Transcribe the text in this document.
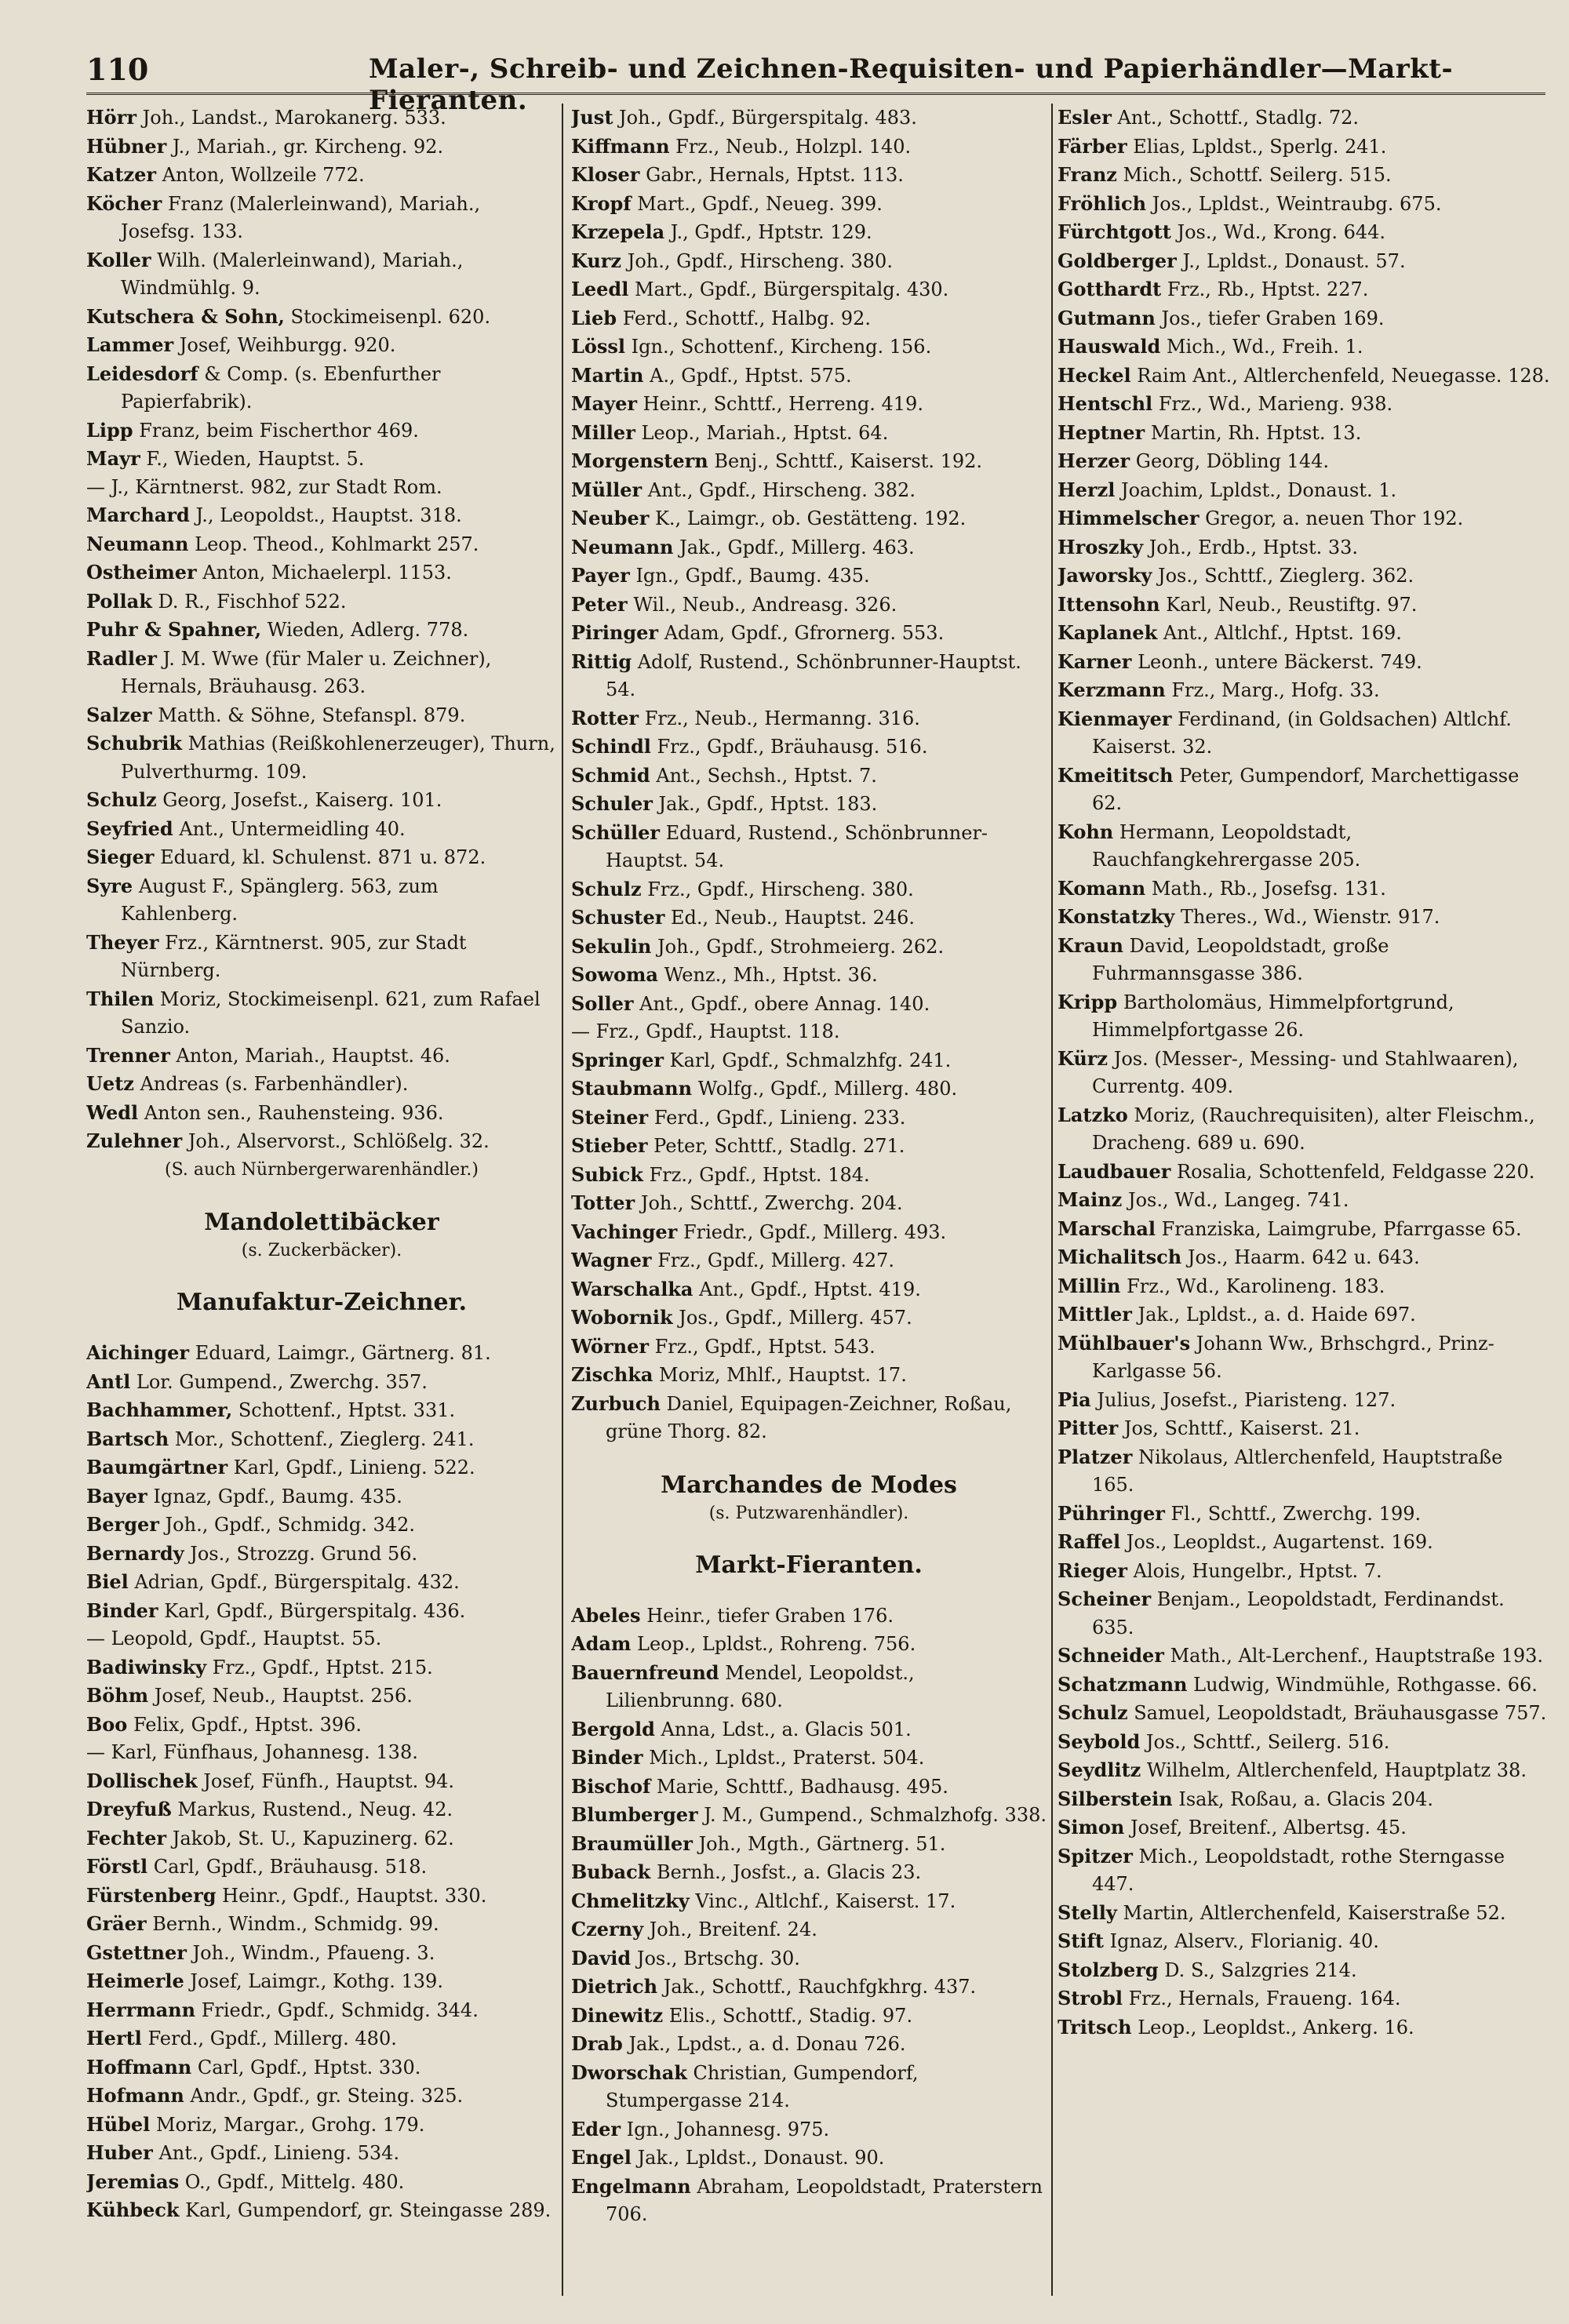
110	Maler-, Schreib- und Zeichnen-Requisiten- und Papierhändler—Markt-Fieranten.
Hörr Joh., Landst., Marokanerg. 533.
Hübner J., Mariah., gr. Kircheng. 92.
Katzer Anton, Wollzeile 772.
Köcher Franz (Malerleinwand), Mariah., Josefsg. 133.
Koller Wilh. (Malerleinwand), Mariah., Windmühlg. 9.
Kutschera & Sohn, Stockimeisenpl. 620.
Lammer Josef, Weihburgg. 920.
Leidesdorf & Comp. (s. Ebenfurther Papierfabrik).
Lipp Franz, beim Fischerthor 469.
Mayr F., Wieden, Hauptst. 5.
— J., Kärntnerst. 982, zur Stadt Rom.
Marchard J., Leopoldst., Hauptst. 318.
Neumann Leop. Theod., Kohlmarkt 257.
Ostheimer Anton, Michaelerpl. 1153.
Pollak D. R., Fischhof 522.
Puhr & Spahner, Wieden, Adlerg. 778.
Radler J. M. Wwe (für Maler u. Zeichner), Hernals, Bräuhausg. 263.
Salzer Matth. & Söhne, Stefanspl. 879.
Schubrik Mathias (Reißkohlenerzeuger), Thurn, Pulverthurmg. 109.
Schulz Georg, Josefst., Kaiserg. 101.
Seyfried Ant., Untermeidling 40.
Sieger Eduard, kl. Schulenst. 871 u. 872.
Syre August F., Spänglerg. 563, zum Kahlenberg.
Theyer Frz., Kärntnerst. 905, zur Stadt Nürnberg.
Thilen Moriz, Stockimeisenpl. 621, zum Rafael Sanzio.
Trenner Anton, Mariah., Hauptst. 46.
Uetz Andreas (s. Farbenhändler).
Wedl Anton sen., Rauhensteing. 936.
Zulehner Joh., Alservorst., Schlößelg. 32.
(S. auch Nürnbergerwarenhändler.)
Mandolettibäcker
(s. Zuckerbäcker).
Manufaktur-Zeichner.
Aichinger Eduard, Laimgr., Gärtnerg. 81.
Antl Lor. Gumpend., Zwerchg. 357.
Bachhammer, Schottenf., Hptst. 331.
Bartsch Mor., Schottenf., Zieglerg. 241.
Baumgärtner Karl, Gpdf., Linieng. 522.
Bayer Ignaz, Gpdf., Baumg. 435.
Berger Joh., Gpdf., Schmidg. 342.
Bernardy Jos., Strozzg. Grund 56.
Biel Adrian, Gpdf., Bürgerspitalg. 432.
Binder Karl, Gpdf., Bürgerspitalg. 436.
— Leopold, Gpdf., Hauptst. 55.
Badiwinsky Frz., Gpdf., Hptst. 215.
Böhm Josef, Neub., Hauptst. 256.
Boo Felix, Gpdf., Hptst. 396.
— Karl, Fünfhaus, Johannesg. 138.
Dollischek Josef, Fünfh., Hauptst. 94.
Dreyfuß Markus, Rustend., Neug. 42.
Fechter Jakob, St. U., Kapuzinerg. 62.
Förstl Carl, Gpdf., Bräuhausg. 518.
Fürstenberg Heinr., Gpdf., Hauptst. 330.
Gräer Bernh., Windm., Schmidg. 99.
Gstettner Joh., Windm., Pfaueng. 3.
Heimerle Josef, Laimgr., Kothg. 139.
Herrmann Friedr., Gpdf., Schmidg. 344.
Hertl Ferd., Gpdf., Millerg. 480.
Hoffmann Carl, Gpdf., Hptst. 330.
Hofmann Andr., Gpdf., gr. Steing. 325.
Hübel Moriz, Margar., Grohg. 179.
Huber Ant., Gpdf., Linieng. 534.
Jeremias O., Gpdf., Mittelg. 480.
Kühbeck Karl, Gumpendorf, gr. Steingasse 289.
Just Joh., Gpdf., Bürgerspitalg. 483.
Kiffmann Frz., Neub., Holzpl. 140.
Kloser Gabr., Hernals, Hptst. 113.
Kropf Mart., Gpdf., Neueg. 399.
Krzepela J., Gpdf., Hptstr. 129.
Kurz Joh., Gpdf., Hirscheng. 380.
Leedl Mart., Gpdf., Bürgerspitalg. 430.
Lieb Ferd., Schottf., Halbg. 92.
Lössl Ign., Schottenf., Kircheng. 156.
Martin A., Gpdf., Hptst. 575.
Mayer Heinr., Schttf., Herreng. 419.
Miller Leop., Mariah., Hptst. 64.
Morgenstern Benj., Schttf., Kaiserst. 192.
Müller Ant., Gpdf., Hirscheng. 382.
Neuber K., Laimgr., ob. Gestätteng. 192.
Neumann Jak., Gpdf., Millerg. 463.
Payer Ign., Gpdf., Baumg. 435.
Peter Wil., Neub., Andreasg. 326.
Piringer Adam, Gpdf., Gfrornerg. 553.
Rittig Adolf, Rustend., Schönbrunner-Hauptst. 54.
Rotter Frz., Neub., Hermanng. 316.
Schindl Frz., Gpdf., Bräuhausg. 516.
Schmid Ant., Sechsh., Hptst. 7.
Schuler Jak., Gpdf., Hptst. 183.
Schüller Eduard, Rustend., Schönbrunner-Hauptst. 54.
Schulz Frz., Gpdf., Hirscheng. 380.
Schuster Ed., Neub., Hauptst. 246.
Sekulin Joh., Gpdf., Strohmeierg. 262.
Sowoma Wenz., Mh., Hptst. 36.
Soller Ant., Gpdf., obere Annag. 140.
— Frz., Gpdf., Hauptst. 118.
Springer Karl, Gpdf., Schmalzhfg. 241.
Staubmann Wolfg., Gpdf., Millerg. 480.
Steiner Ferd., Gpdf., Linieng. 233.
Stieber Peter, Schttf., Stadlg. 271.
Subick Frz., Gpdf., Hptst. 184.
Totter Joh., Schttf., Zwerchg. 204.
Vachinger Friedr., Gpdf., Millerg. 493.
Wagner Frz., Gpdf., Millerg. 427.
Warschalka Ant., Gpdf., Hptst. 419.
Wobornik Jos., Gpdf., Millerg. 457.
Wörner Frz., Gpdf., Hptst. 543.
Zischka Moriz, Mhlf., Hauptst. 17.
Zurbuch Daniel, Equipagen-Zeichner, Roßau, grüne Thorg. 82.
Marchandes de Modes
(s. Putzwarenhändler).
Markt-Fieranten.
Abeles Heinr., tiefer Graben 176.
Adam Leop., Lpldst., Rohreng. 756.
Bauernfreund Mendel, Leopoldst., Lilienbrunng. 680.
Bergold Anna, Ldst., a. Glacis 501.
Binder Mich., Lpldst., Praterst. 504.
Bischof Marie, Schttf., Badhausg. 495.
Blumberger J. M., Gumpend., Schmalzhofg. 338.
Braumüller Joh., Mgth., Gärtnerg. 51.
Buback Bernh., Josfst., a. Glacis 23.
Chmelitzky Vinc., Altlchf., Kaiserst. 17.
Czerny Joh., Breitenf. 24.
David Jos., Brtschg. 30.
Dietrich Jak., Schottf., Rauchfgkhrg. 437.
Dinewitz Elis., Schottf., Stadig. 97.
Drab Jak., Lpdst., a. d. Donau 726.
Dworschak Christian, Gumpendorf, Stumpergasse 214.
Eder Ign., Johannesg. 975.
Engel Jak., Lpldst., Donaust. 90.
Engelmann Abraham, Leopoldstadt, Praterstern 706.
Esler Ant., Schottf., Stadlg. 72.
Färber Elias, Lpldst., Sperlg. 241.
Franz Mich., Schottf. Seilerg. 515.
Fröhlich Jos., Lpldst., Weintraubg. 675.
Fürchtgott Jos., Wd., Krong. 644.
Goldberger J., Lpldst., Donaust. 57.
Gotthardt Frz., Rb., Hptst. 227.
Gutmann Jos., tiefer Graben 169.
Hauswald Mich., Wd., Freih. 1.
Heckel Raim Ant., Altlerchenfeld, Neuegasse. 128.
Hentschl Frz., Wd., Marieng. 938.
Heptner Martin, Rh. Hptst. 13.
Herzer Georg, Döbling 144.
Herzl Joachim, Lpldst., Donaust. 1.
Himmelscher Gregor, a. neuen Thor 192.
Hroszky Joh., Erdb., Hptst. 33.
Jaworsky Jos., Schttf., Zieglerg. 362.
Ittensohn Karl, Neub., Reustiftg. 97.
Kaplanek Ant., Altlchf., Hptst. 169.
Karner Leonh., untere Bäckerst. 749.
Kerzmann Frz., Marg., Hofg. 33.
Kienmayer Ferdinand, (in Goldsachen) Altlchf. Kaiserst. 32.
Kmeititsch Peter, Gumpendorf, Marchettigasse 62.
Kohn Hermann, Leopoldstadt, Rauchfangkehrergasse 205.
Komann Math., Rb., Josefsg. 131.
Konstatzky Theres., Wd., Wienstr. 917.
Kraun David, Leopoldstadt, große Fuhrmannsgasse 386.
Kripp Bartholomäus, Himmelpfortgrund, Himmelpfortgasse 26.
Kürz Jos. (Messer-, Messing- und Stahlwaaren), Currentg. 409.
Latzko Moriz, (Rauchrequisiten), alter Fleischm., Dracheng. 689 u. 690.
Laudbauer Rosalia, Schottenfeld, Feldgasse 220.
Mainz Jos., Wd., Langeg. 741.
Marschal Franziska, Laimgrube, Pfarrgasse 65.
Michalitsch Jos., Haarm. 642 u. 643.
Millin Frz., Wd., Karolineng. 183.
Mittler Jak., Lpldst., a. d. Haide 697.
Mühlbauer's Johann Ww., Brhschgrd., Prinz-Karlgasse 56.
Pia Julius, Josefst., Piaristeng. 127.
Pitter Jos, Schttf., Kaiserst. 21.
Platzer Nikolaus, Altlerchenfeld, Hauptstraße 165.
Pühringer Fl., Schttf., Zwerchg. 199.
Raffel Jos., Leopldst., Augartenst. 169.
Rieger Alois, Hungelbr., Hptst. 7.
Scheiner Benjam., Leopoldstadt, Ferdinandst. 635.
Schneider Math., Alt-Lerchenf., Hauptstraße 193.
Schatzmann Ludwig, Windmühle, Rothgasse. 66.
Schulz Samuel, Leopoldstadt, Bräuhausgasse 757.
Seybold Jos., Schttf., Seilerg. 516.
Seydlitz Wilhelm, Altlerchenfeld, Hauptplatz 38.
Silberstein Isak, Roßau, a. Glacis 204.
Simon Josef, Breitenf., Albertsg. 45.
Spitzer Mich., Leopoldstadt, rothe Sterngasse 447.
Stelly Martin, Altlerchenfeld, Kaiserstraße 52.
Stift Ignaz, Alserv., Florianig. 40.
Stolzberg D. S., Salzgries 214.
Strobl Frz., Hernals, Fraueng. 164.
Tritsch Leop., Leopldst., Ankerg. 16.
